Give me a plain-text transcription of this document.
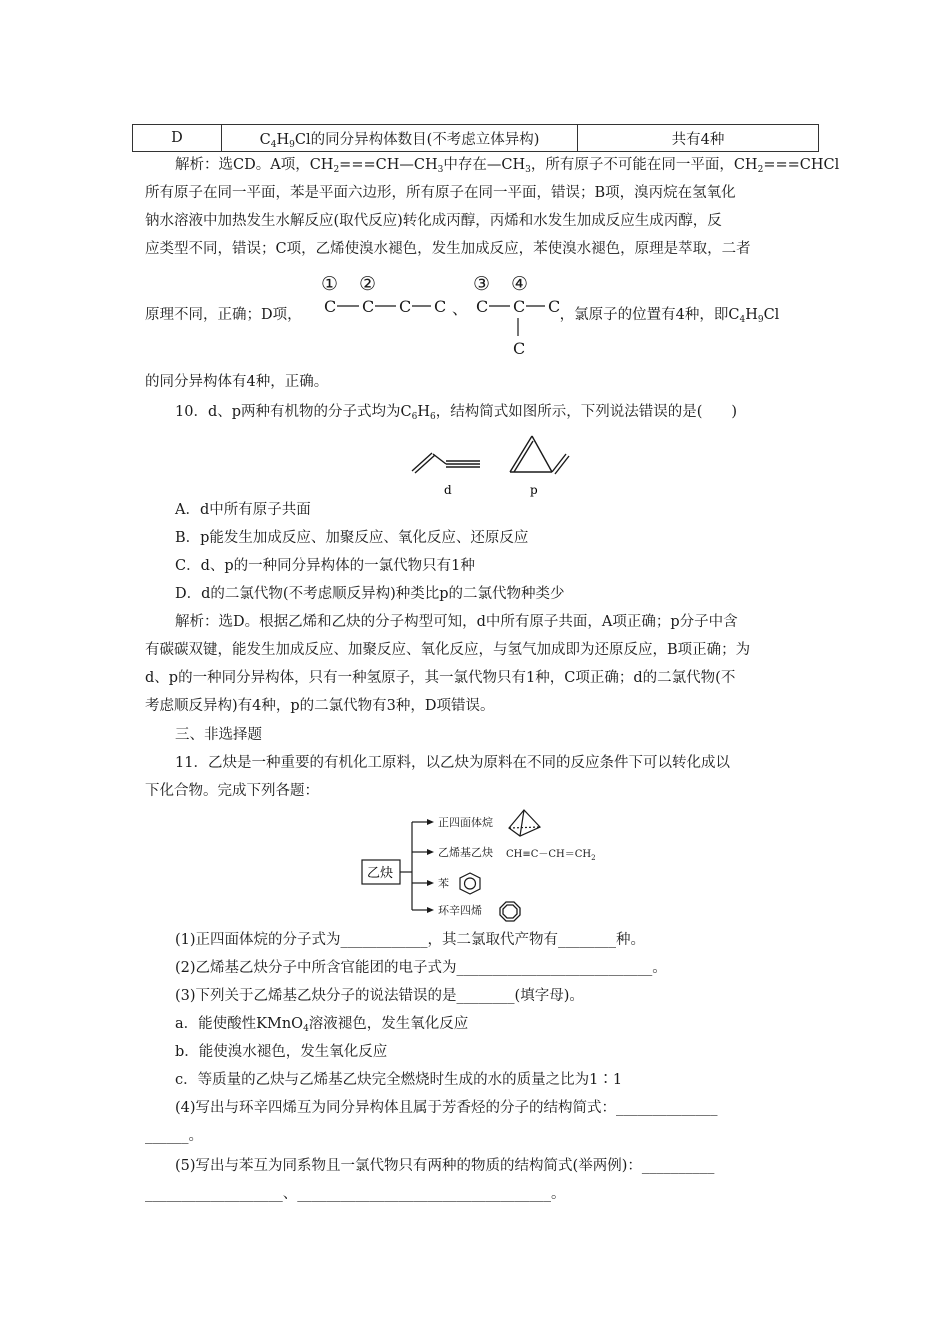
D	$C_4H_9Cl$的同分异构体数目(不考虑立体异构)	共有4种
解析：选CD。A项，$CH_2===CH—CH_3$中存在$—CH_3$，所有原子不可能在同一平面，$CH_2===CHCl$
所有原子在同一平面，苯是平面六边形，所有原子在同一平面，错误；B项，溴丙烷在氢氧化
钠水溶液中加热发生水解反应(取代反应)转化成丙醇，丙烯和水发生加成反应生成丙醇，反
应类型不同，错误；C项，乙烯使溴水褪色，发生加成反应，苯使溴水褪色，原理是萃取，二者
原理不同，正确；D项，	，氯原子的位置有4种，即$C_4H_9Cl$
① ②	③ ④
C C C C 、 C C C
C
的同分异构体有4种，正确。
10．d、p两种有机物的分子式均为$C_6H_6$，结构简式如图所示，下列说法错误的是(　　)
d	p
A．d中所有原子共面
B．p能发生加成反应、加聚反应、氧化反应、还原反应
C．d、p的一种同分异构体的一氯代物只有1种
D．d的二氯代物(不考虑顺反异构)种类比p的二氯代物种类少
解析：选D。根据乙烯和乙炔的分子构型可知，d中所有原子共面，A项正确；p分子中含
有碳碳双键，能发生加成反应、加聚反应、氧化反应，与氢气加成即为还原反应，B项正确；为
d、p的一种同分异构体，只有一种氢原子，其一氯代物只有1种，C项正确；d的二氯代物(不
考虑顺反异构)有4种，p的二氯代物有3种，D项错误。
三、非选择题
11．乙炔是一种重要的有机化工原料，以乙炔为原料在不同的反应条件下可以转化成以
下化合物。完成下列各题：
乙炔
正四面体烷
乙烯基乙炔 $CH\equiv C-CH=CH_2$
苯
环辛四烯
(1)正四面体烷的分子式为____________，其二氯取代产物有________种。
(2)乙烯基乙炔分子中所含官能团的电子式为___________________________。
(3)下列关于乙烯基乙炔分子的说法错误的是________(填字母)。
a．能使酸性KMnO$_4$溶液褪色，发生氧化反应
b．能使溴水褪色，发生氧化反应
c．等质量的乙炔与乙烯基乙炔完全燃烧时生成的水的质量之比为1∶1
(4)写出与环辛四烯互为同分异构体且属于芳香烃的分子的结构简式：______________
______。
(5)写出与苯互为同系物且一氯代物只有两种的物质的结构简式(举两例)：__________
___________________、___________________________________。
